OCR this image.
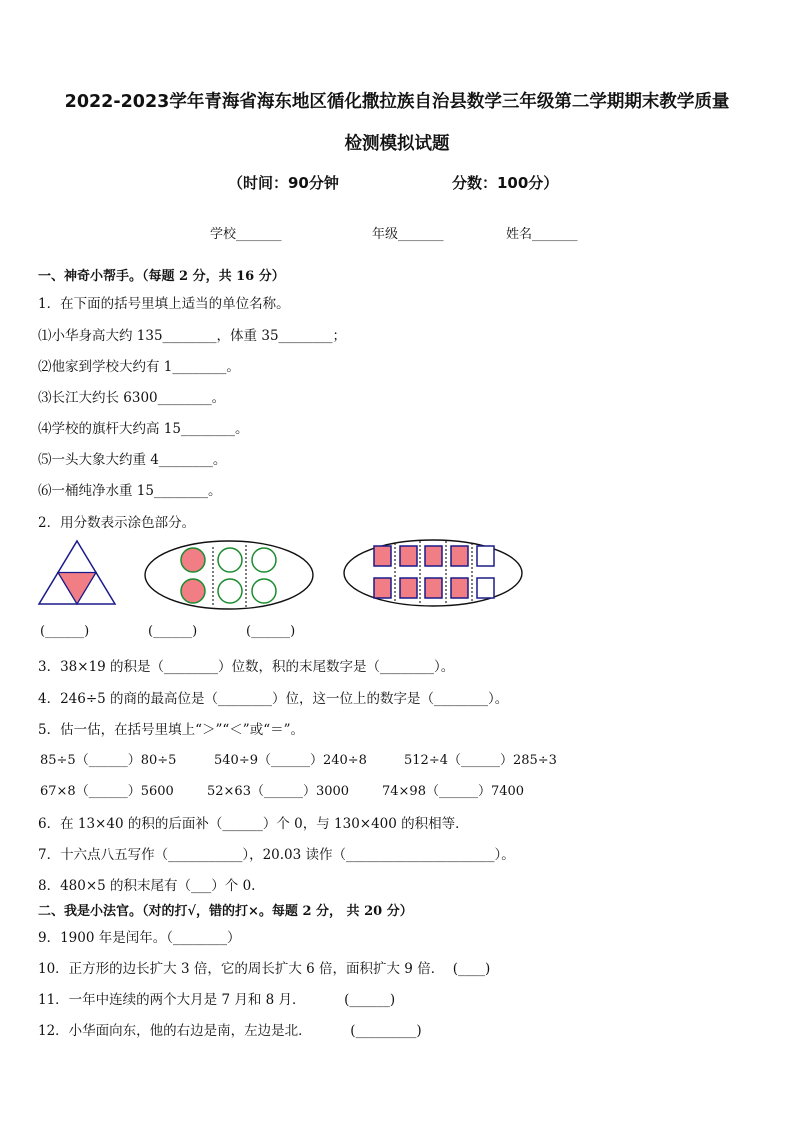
2022-2023学年青海省海东地区循化撒拉族自治县数学三年级第二学期期末教学质量
检测模拟试题
（时间：90分钟	分数：100分）
学校_______	年级_______	姓名_______
一、神奇小帮手。（每题 2 分，共 16 分）
1．在下面的括号里填上适当的单位名称。
⑴小华身高大约 135________，体重 35________；
⑵他家到学校大约有 1________。
⑶长江大约长 6300________。
⑷学校的旗杆大约高 15________。
⑸一头大象大约重 4________。
⑹一桶纯净水重 15________。
2．用分数表示涂色部分。
(______)	(______)	(______)
3．38×19 的积是（________）位数，积的末尾数字是（________）。
4．246÷5 的商的最高位是（________）位，这一位上的数字是（________）。
5．估一估，在括号里填上“＞”“＜”或“＝”。
85÷5（______）80÷5	540÷9（______）240÷8	512÷4（______）285÷3
67×8（______）5600	52×63（______）3000	74×98（______）7400
6．在 13×40 的积的后面补（______）个 0，与 130×400 的积相等．
7．十六点八五写作（___________），20.03 读作（______________________）。
8．480×5 的积末尾有（___）个 0.
二、我是小法官。（对的打√，错的打×。每题 2 分， 共 20 分）
9．1900 年是闰年。（________）
10．正方形的边长扩大 3 倍，它的周长扩大 6 倍，面积扩大 9 倍．  (____)
11．一年中连续的两个大月是 7 月和 8 月．         (______)
12．小华面向东，他的右边是南，左边是北．         (_________)
